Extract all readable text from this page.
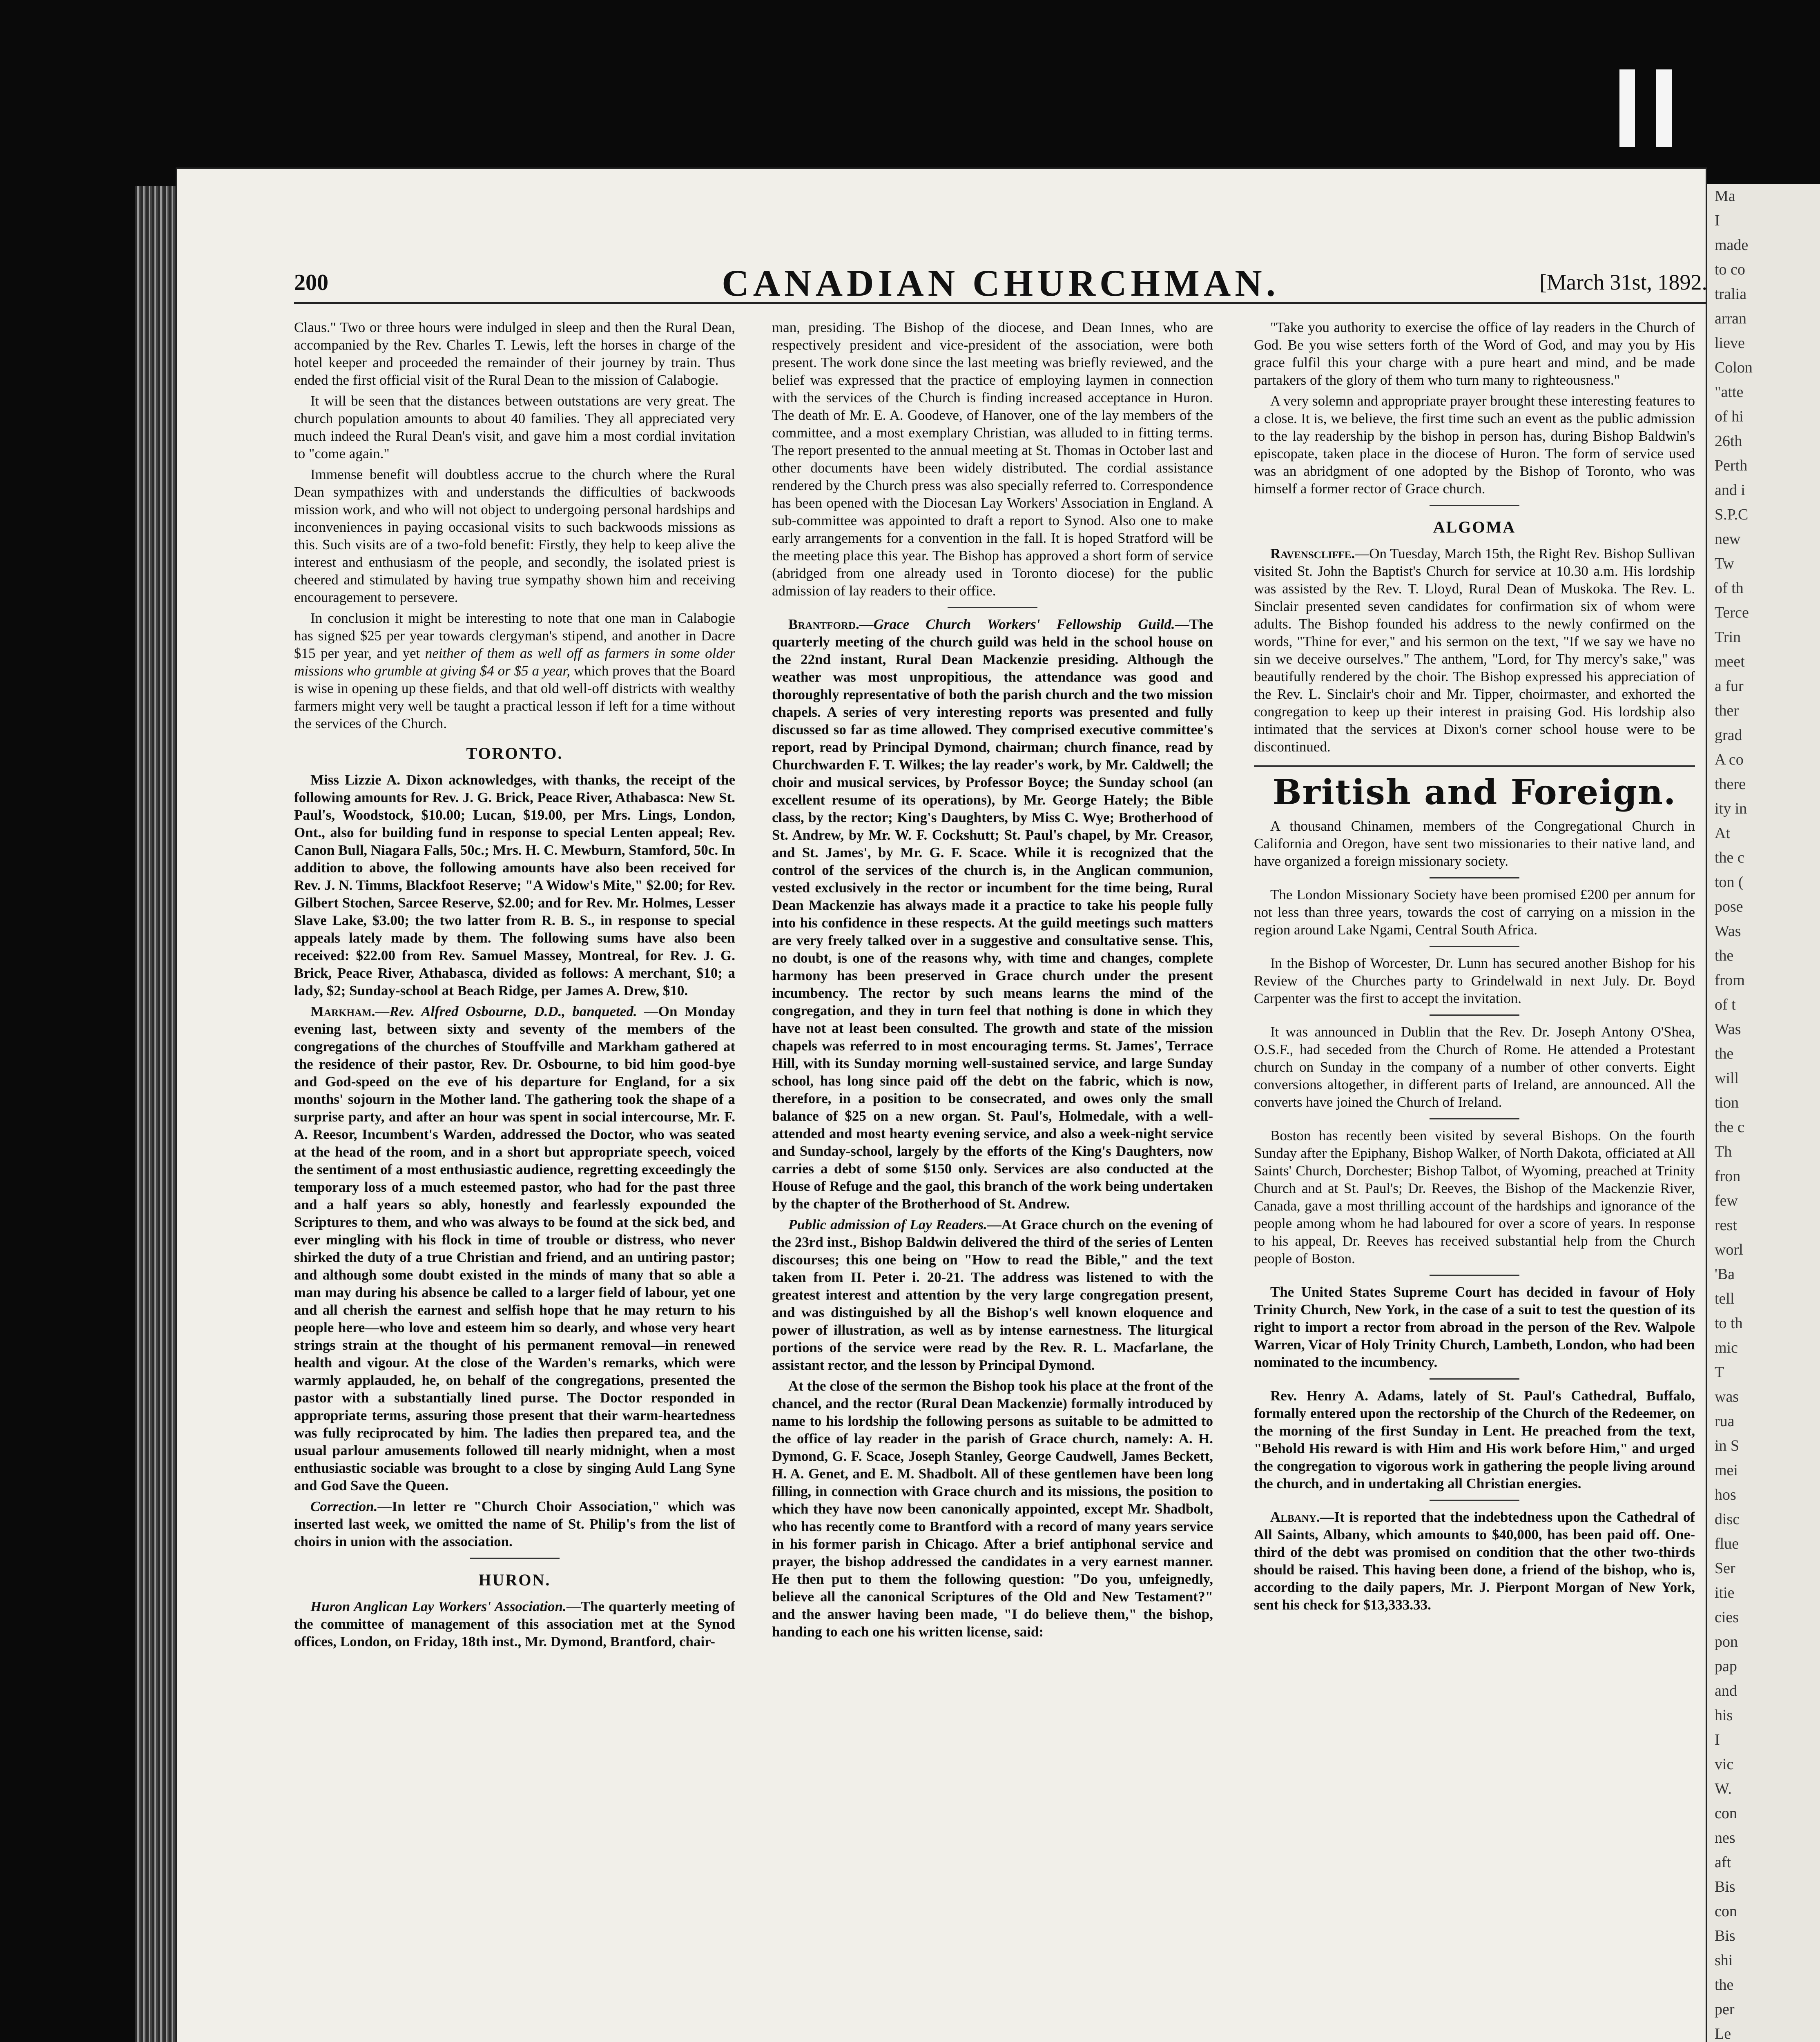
Ma
I
made
to co
tralia
arran
lieve
Colon
"atte
of hi
26th
Perth
and i
S.P.C
new
Tw
of th
Terce
Trin
meet
a fur
ther
grad
A co
there
ity in
At
the c
ton (
pose
Was
the
from
of t
Was
the
will
tion
the c
Th
fron
few
rest
worl
'Ba
tell
to th
mic
T
was
rua
in S
mei
hos
disc
flue
Ser
itie
cies
pon
pap
and
his
I
vic
W.
con
nes
aft
Bis
con
Bis
shi
the
per
Le
200	CANADIAN CHURCHMAN.	[March 31st, 1892.

Claus." Two or three hours were indulged in sleep and then the Rural Dean, accompanied by the Rev. Charles T. Lewis, left the horses in charge of the hotel keeper and proceeded the remainder of their journey by train. Thus ended the first official visit of the Rural Dean to the mission of Calabogie.

It will be seen that the distances between outstations are very great. The church population amounts to about 40 families. They all appreciated very much indeed the Rural Dean's visit, and gave him a most cordial invitation to "come again."

Immense benefit will doubtless accrue to the church where the Rural Dean sympathizes with and understands the difficulties of backwoods mission work, and who will not object to undergoing personal hardships and inconveniences in paying occasional visits to such backwoods missions as this. Such visits are of a two-fold benefit: Firstly, they help to keep alive the interest and enthusiasm of the people, and secondly, the isolated priest is cheered and stimulated by having true sympathy shown him and receiving encouragement to persevere.

In conclusion it might be interesting to note that one man in Calabogie has signed $25 per year towards clergyman's stipend, and another in Dacre $15 per year, and yet neither of them as well off as farmers in some older missions who grumble at giving $4 or $5 a year, which proves that the Board is wise in opening up these fields, and that old well-off districts with wealthy farmers might very well be taught a practical lesson if left for a time without the services of the Church.

TORONTO.

Miss Lizzie A. Dixon acknowledges, with thanks, the receipt of the following amounts for Rev. J. G. Brick, Peace River, Athabasca: New St. Paul's, Woodstock, $10.00; Lucan, $19.00, per Mrs. Lings, London, Ont., also for building fund in response to special Lenten appeal; Rev. Canon Bull, Niagara Falls, 50c.; Mrs. H. C. Mewburn, Stamford, 50c. In addition to above, the following amounts have also been received for Rev. J. N. Timms, Blackfoot Reserve; "A Widow's Mite," $2.00; for Rev. Gilbert Stochen, Sarcee Reserve, $2.00; and for Rev. Mr. Holmes, Lesser Slave Lake, $3.00; the two latter from R. B. S., in response to special appeals lately made by them. The following sums have also been received: $22.00 from Rev. Samuel Massey, Montreal, for Rev. J. G. Brick, Peace River, Athabasca, divided as follows: A merchant, $10; a lady, $2; Sunday-school at Beach Ridge, per James A. Drew, $10.

Markham.—Rev. Alfred Osbourne, D.D., banqueted. —On Monday evening last, between sixty and seventy of the members of the congregations of the churches of Stouffville and Markham gathered at the residence of their pastor, Rev. Dr. Osbourne, to bid him good-bye and God-speed on the eve of his departure for England, for a six months' sojourn in the Mother land. The gathering took the shape of a surprise party, and after an hour was spent in social intercourse, Mr. F. A. Reesor, Incumbent's Warden, addressed the Doctor, who was seated at the head of the room, and in a short but appropriate speech, voiced the sentiment of a most enthusiastic audience, regretting exceedingly the temporary loss of a much esteemed pastor, who had for the past three and a half years so ably, honestly and fearlessly expounded the Scriptures to them, and who was always to be found at the sick bed, and ever mingling with his flock in time of trouble or distress, who never shirked the duty of a true Christian and friend, and an untiring pastor; and although some doubt existed in the minds of many that so able a man may during his absence be called to a larger field of labour, yet one and all cherish the earnest and selfish hope that he may return to his people here—who love and esteem him so dearly, and whose very heart strings strain at the thought of his permanent removal—in renewed health and vigour. At the close of the Warden's remarks, which were warmly applauded, he, on behalf of the congregations, presented the pastor with a substantially lined purse. The Doctor responded in appropriate terms, assuring those present that their warm-heartedness was fully reciprocated by him. The ladies then prepared tea, and the usual parlour amusements followed till nearly midnight, when a most enthusiastic sociable was brought to a close by singing Auld Lang Syne and God Save the Queen.

Correction.—In letter re "Church Choir Association," which was inserted last week, we omitted the name of St. Philip's from the list of choirs in union with the association.

HURON.

Huron Anglican Lay Workers' Association.—The quarterly meeting of the committee of management of this association met at the Synod offices, London, on Friday, 18th inst., Mr. Dymond, Brantford, chair-

man, presiding. The Bishop of the diocese, and Dean Innes, who are respectively president and vice-president of the association, were both present. The work done since the last meeting was briefly reviewed, and the belief was expressed that the practice of employing laymen in connection with the services of the Church is finding increased acceptance in Huron. The death of Mr. E. A. Goodeve, of Hanover, one of the lay members of the committee, and a most exemplary Christian, was alluded to in fitting terms. The report presented to the annual meeting at St. Thomas in October last and other documents have been widely distributed. The cordial assistance rendered by the Church press was also specially referred to. Correspondence has been opened with the Diocesan Lay Workers' Association in England. A sub-committee was appointed to draft a report to Synod. Also one to make early arrangements for a convention in the fall. It is hoped Stratford will be the meeting place this year. The Bishop has approved a short form of service (abridged from one already used in Toronto diocese) for the public admission of lay readers to their office.

Brantford.—Grace Church Workers' Fellowship Guild.—The quarterly meeting of the church guild was held in the school house on the 22nd instant, Rural Dean Mackenzie presiding. Although the weather was most unpropitious, the attendance was good and thoroughly representative of both the parish church and the two mission chapels. A series of very interesting reports was presented and fully discussed so far as time allowed. They comprised executive committee's report, read by Principal Dymond, chairman; church finance, read by Churchwarden F. T. Wilkes; the lay reader's work, by Mr. Caldwell; the choir and musical services, by Professor Boyce; the Sunday school (an excellent resume of its operations), by Mr. George Hately; the Bible class, by the rector; King's Daughters, by Miss C. Wye; Brotherhood of St. Andrew, by Mr. W. F. Cockshutt; St. Paul's chapel, by Mr. Creasor, and St. James', by Mr. G. F. Scace. While it is recognized that the control of the services of the church is, in the Anglican communion, vested exclusively in the rector or incumbent for the time being, Rural Dean Mackenzie has always made it a practice to take his people fully into his confidence in these respects. At the guild meetings such matters are very freely talked over in a suggestive and consultative sense. This, no doubt, is one of the reasons why, with time and changes, complete harmony has been preserved in Grace church under the present incumbency. The rector by such means learns the mind of the congregation, and they in turn feel that nothing is done in which they have not at least been consulted. The growth and state of the mission chapels was referred to in most encouraging terms. St. James', Terrace Hill, with its Sunday morning well-sustained service, and large Sunday school, has long since paid off the debt on the fabric, which is now, therefore, in a position to be consecrated, and owes only the small balance of $25 on a new organ. St. Paul's, Holmedale, with a well-attended and most hearty evening service, and also a week-night service and Sunday-school, largely by the efforts of the King's Daughters, now carries a debt of some $150 only. Services are also conducted at the House of Refuge and the gaol, this branch of the work being undertaken by the chapter of the Brotherhood of St. Andrew.

Public admission of Lay Readers.—At Grace church on the evening of the 23rd inst., Bishop Baldwin delivered the third of the series of Lenten discourses; this one being on "How to read the Bible," and the text taken from II. Peter i. 20-21. The address was listened to with the greatest interest and attention by the very large congregation present, and was distinguished by all the Bishop's well known eloquence and power of illustration, as well as by intense earnestness. The liturgical portions of the service were read by the Rev. R. L. Macfarlane, the assistant rector, and the lesson by Principal Dymond.

At the close of the sermon the Bishop took his place at the front of the chancel, and the rector (Rural Dean Mackenzie) formally introduced by name to his lordship the following persons as suitable to be admitted to the office of lay reader in the parish of Grace church, namely: A. H. Dymond, G. F. Scace, Joseph Stanley, George Caudwell, James Beckett, H. A. Genet, and E. M. Shadbolt. All of these gentlemen have been long filling, in connection with Grace church and its missions, the position to which they have now been canonically appointed, except Mr. Shadbolt, who has recently come to Brantford with a record of many years service in his former parish in Chicago. After a brief antiphonal service and prayer, the bishop addressed the candidates in a very earnest manner. He then put to them the following question: "Do you, unfeignedly, believe all the canonical Scriptures of the Old and New Testament?" and the answer having been made, "I do believe them," the bishop, handing to each one his written license, said:

"Take you authority to exercise the office of lay readers in the Church of God. Be you wise setters forth of the Word of God, and may you by His grace fulfil this your charge with a pure heart and mind, and be made partakers of the glory of them who turn many to righteousness."

A very solemn and appropriate prayer brought these interesting features to a close. It is, we believe, the first time such an event as the public admission to the lay readership by the bishop in person has, during Bishop Baldwin's episcopate, taken place in the diocese of Huron. The form of service used was an abridgment of one adopted by the Bishop of Toronto, who was himself a former rector of Grace church.

ALGOMA

Ravenscliffe.—On Tuesday, March 15th, the Right Rev. Bishop Sullivan visited St. John the Baptist's Church for service at 10.30 a.m. His lordship was assisted by the Rev. T. Lloyd, Rural Dean of Muskoka. The Rev. L. Sinclair presented seven candidates for confirmation six of whom were adults. The Bishop founded his address to the newly confirmed on the words, "Thine for ever," and his sermon on the text, "If we say we have no sin we deceive ourselves." The anthem, "Lord, for Thy mercy's sake," was beautifully rendered by the choir. The Bishop expressed his appreciation of the Rev. L. Sinclair's choir and Mr. Tipper, choirmaster, and exhorted the congregation to keep up their interest in praising God. His lordship also intimated that the services at Dixon's corner school house were to be discontinued.

British and Foreign.

A thousand Chinamen, members of the Congregational Church in California and Oregon, have sent two missionaries to their native land, and have organized a foreign missionary society.

The London Missionary Society have been promised £200 per annum for not less than three years, towards the cost of carrying on a mission in the region around Lake Ngami, Central South Africa.

In the Bishop of Worcester, Dr. Lunn has secured another Bishop for his Review of the Churches party to Grindelwald in next July. Dr. Boyd Carpenter was the first to accept the invitation.

It was announced in Dublin that the Rev. Dr. Joseph Antony O'Shea, O.S.F., had seceded from the Church of Rome. He attended a Protestant church on Sunday in the company of a number of other converts. Eight conversions altogether, in different parts of Ireland, are announced. All the converts have joined the Church of Ireland.

Boston has recently been visited by several Bishops. On the fourth Sunday after the Epiphany, Bishop Walker, of North Dakota, officiated at All Saints' Church, Dorchester; Bishop Talbot, of Wyoming, preached at Trinity Church and at St. Paul's; Dr. Reeves, the Bishop of the Mackenzie River, Canada, gave a most thrilling account of the hardships and ignorance of the people among whom he had laboured for over a score of years. In response to his appeal, Dr. Reeves has received substantial help from the Church people of Boston.

The United States Supreme Court has decided in favour of Holy Trinity Church, New York, in the case of a suit to test the question of its right to import a rector from abroad in the person of the Rev. Walpole Warren, Vicar of Holy Trinity Church, Lambeth, London, who had been nominated to the incumbency.

Rev. Henry A. Adams, lately of St. Paul's Cathedral, Buffalo, formally entered upon the rectorship of the Church of the Redeemer, on the morning of the first Sunday in Lent. He preached from the text, "Behold His reward is with Him and His work before Him," and urged the congregation to vigorous work in gathering the people living around the church, and in undertaking all Christian energies.

Albany.—It is reported that the indebtedness upon the Cathedral of All Saints, Albany, which amounts to $40,000, has been paid off. One-third of the debt was promised on condition that the other two-thirds should be raised. This having been done, a friend of the bishop, who is, according to the daily papers, Mr. J. Pierpont Morgan of New York, sent his check for $13,333.33.
